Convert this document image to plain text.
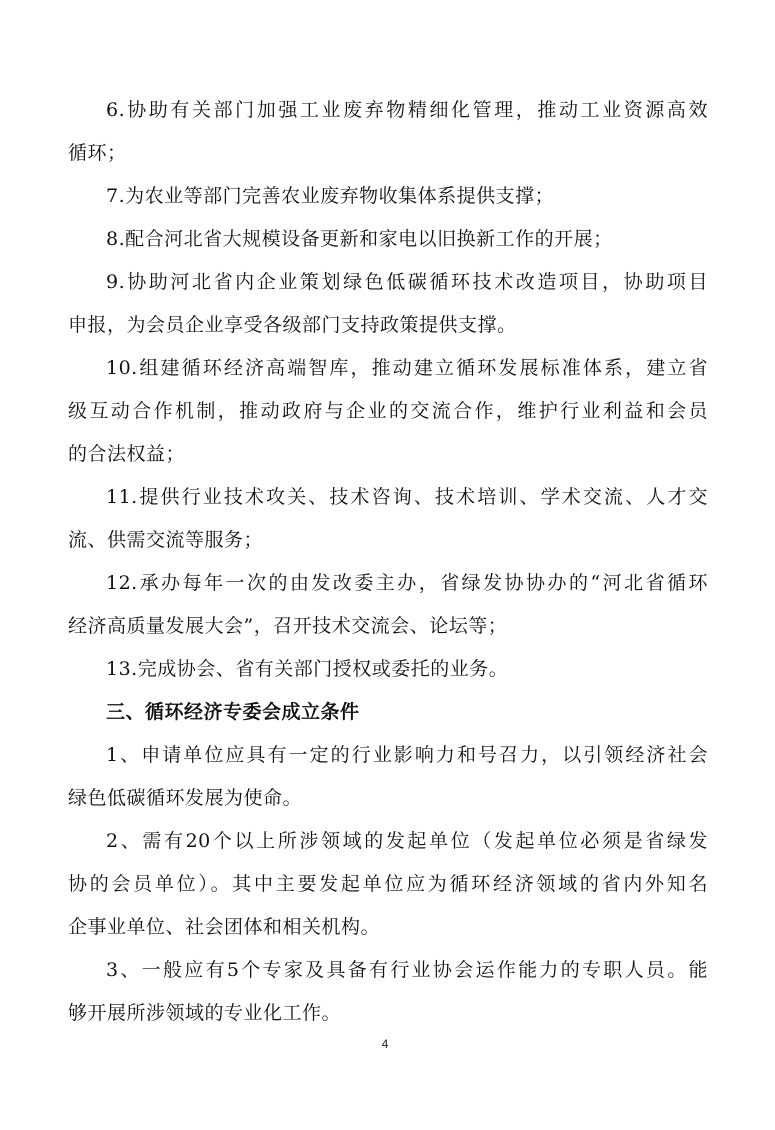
6.协助有关部门加强工业废弃物精细化管理，推动工业资源高效
循环；
7.为农业等部门完善农业废弃物收集体系提供支撑；
8.配合河北省大规模设备更新和家电以旧换新工作的开展；
9.协助河北省内企业策划绿色低碳循环技术改造项目，协助项目
申报，为会员企业享受各级部门支持政策提供支撑。
10.组建循环经济高端智库，推动建立循环发展标准体系，建立省
级互动合作机制，推动政府与企业的交流合作，维护行业利益和会员
的合法权益；
11.提供行业技术攻关、技术咨询、技术培训、学术交流、人才交
流、供需交流等服务；
12.承办每年一次的由发改委主办，省绿发协协办的“河北省循环
经济高质量发展大会”，召开技术交流会、论坛等；
13.完成协会、省有关部门授权或委托的业务。
三、循环经济专委会成立条件
1、申请单位应具有一定的行业影响力和号召力，以引领经济社会
绿色低碳循环发展为使命。
2、需有20个以上所涉领域的发起单位（发起单位必须是省绿发
协的会员单位）。其中主要发起单位应为循环经济领域的省内外知名
企事业单位、社会团体和相关机构。
3、一般应有5个专家及具备有行业协会运作能力的专职人员。能
够开展所涉领域的专业化工作。
4
